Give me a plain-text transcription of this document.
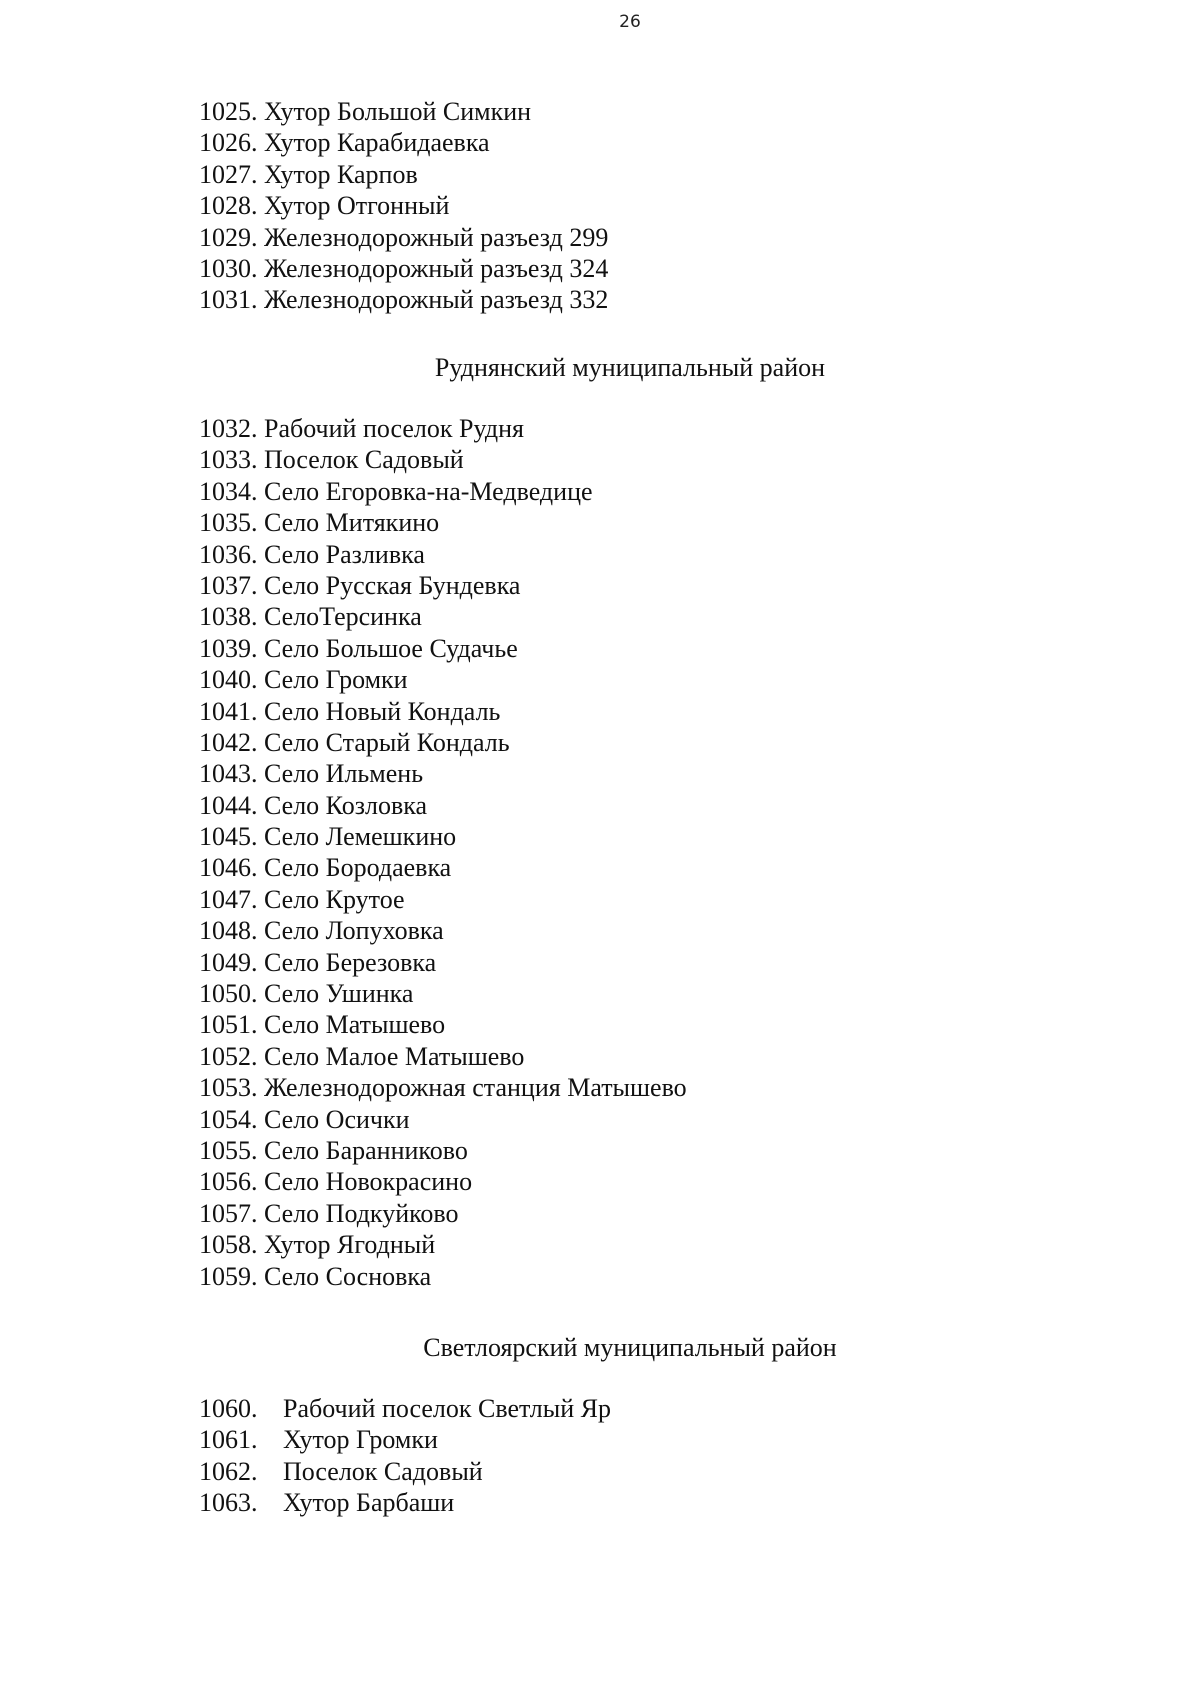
26
1025. Хутор Большой Симкин
1026. Хутор Карабидаевка
1027. Хутор Карпов
1028. Хутор Отгонный
1029. Железнодорожный разъезд 299
1030. Железнодорожный разъезд 324
1031. Железнодорожный разъезд 332
Руднянский муниципальный район
1032. Рабочий поселок Рудня
1033. Поселок Садовый
1034. Село Егоровка-на-Медведице
1035. Село Митякино
1036. Село Разливка
1037. Село Русская Бундевка
1038. СелоТерсинка
1039. Село Большое Судачье
1040. Село Громки
1041. Село Новый Кондаль
1042. Село Старый Кондаль
1043. Село Ильмень
1044. Село Козловка
1045. Село Лемешкино
1046. Село Бородаевка
1047. Село Крутое
1048. Село Лопуховка
1049. Село Березовка
1050. Село Ушинка
1051. Село Матышево
1052. Село Малое Матышево
1053. Железнодорожная станция Матышево
1054. Село Осички
1055. Село Баранниково
1056. Село Новокрасино
1057. Село Подкуйково
1058. Хутор Ягодный
1059. Село Сосновка
Светлоярский муниципальный район
1060. Рабочий поселок Светлый Яр
1061. Хутор Громки
1062. Поселок Садовый
1063. Хутор Барбаши
